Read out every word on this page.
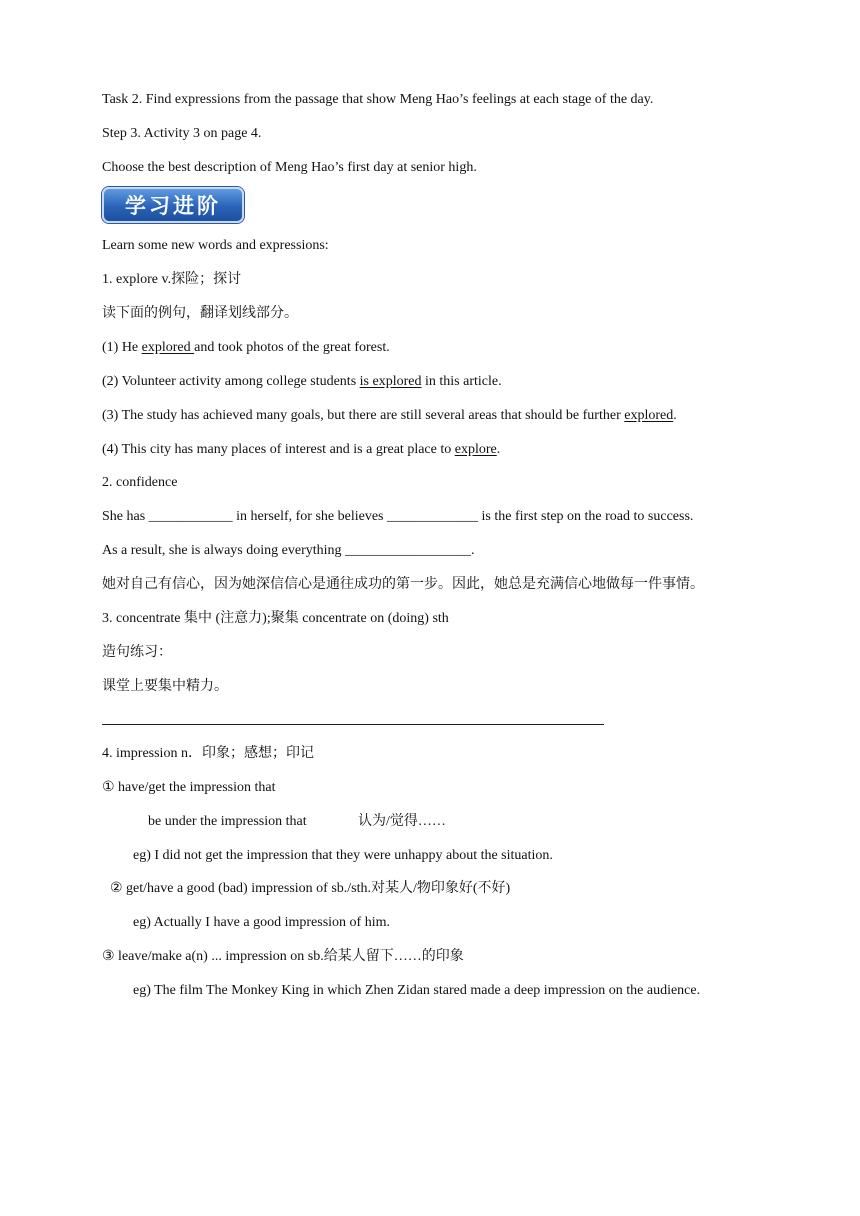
Task 2. Find expressions from the passage that show Meng Hao’s feelings at each stage of the day.
Step 3. Activity 3 on page 4.
Choose the best description of Meng Hao’s first day at senior high.
学习进阶
Learn some new words and expressions:
1. explore v.探险；探讨
读下面的例句，翻译划线部分。
(1) He explored and took photos of the great forest.
(2) Volunteer activity among college students is explored in this article.
(3) The study has achieved many goals, but there are still several areas that should be further explored.
(4) This city has many places of interest and is a great place to explore.
2. confidence
She has ____________ in herself, for she believes _____________ is the first step on the road to success.
As a result, she is always doing everything __________________.
她对自己有信心，因为她深信信心是通往成功的第一步。因此，她总是充满信心地做每一件事情。
3. concentrate 集中 (注意力);聚集 concentrate on (doing) sth
造句练习：
课堂上要集中精力。
4. impression n．印象；感想；印记
① have/get the impression that
be under the impression that	认为/觉得……
eg) I did not get the impression that they were unhappy about the situation.
② get/have a good (bad) impression of sb./sth.对某人/物印象好(不好)
eg) Actually I have a good impression of him.
③ leave/make a(n) ... impression on sb.给某人留下……的印象
eg) The film The Monkey King in which Zhen Zidan stared made a deep impression on the audience.
